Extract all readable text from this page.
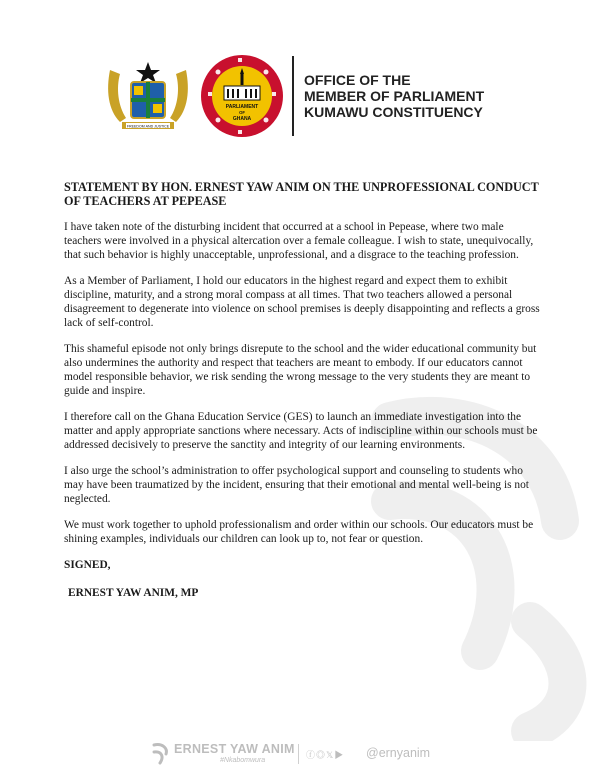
FREEDOM AND JUSTICE
PARLIAMENT
OF
GHANA
OFFICE OF THE
MEMBER OF PARLIAMENT
KUMAWU CONSTITUENCY

STATEMENT BY HON. ERNEST YAW ANIM ON THE UNPROFESSIONAL CONDUCT OF TEACHERS AT PEPEASE

I have taken note of the disturbing incident that occurred at a school in Pepease, where two male teachers were involved in a physical altercation over a female colleague. I wish to state, unequivocally, that such behavior is highly unacceptable, unprofessional, and a disgrace to the teaching profession.

As a Member of Parliament, I hold our educators in the highest regard and expect them to exhibit discipline, maturity, and a strong moral compass at all times. That two teachers allowed a personal disagreement to degenerate into violence on school premises is deeply disappointing and reflects a gross lack of self-control.

This shameful episode not only brings disrepute to the school and the wider educational community but also undermines the authority and respect that teachers are meant to embody. If our educators cannot model responsible behavior, we risk sending the wrong message to the very students they are meant to guide and inspire.

I therefore call on the Ghana Education Service (GES) to launch an immediate investigation into the matter and apply appropriate sanctions where necessary. Acts of indiscipline within our schools must be addressed decisively to preserve the sanctity and integrity of our learning environments.

I also urge the school’s administration to offer psychological support and counseling to students who may have been traumatized by the incident, ensuring that their emotional and mental well-being is not neglected.

We must work together to uphold professionalism and order within our schools. Our educators must be shining examples, individuals our children can look up to, not fear or question.

SIGNED,

ERNEST YAW ANIM, MP

ERNEST YAW ANIM
#Nkabomwura
ⓕ◎𝕏▶ @ernyanim
